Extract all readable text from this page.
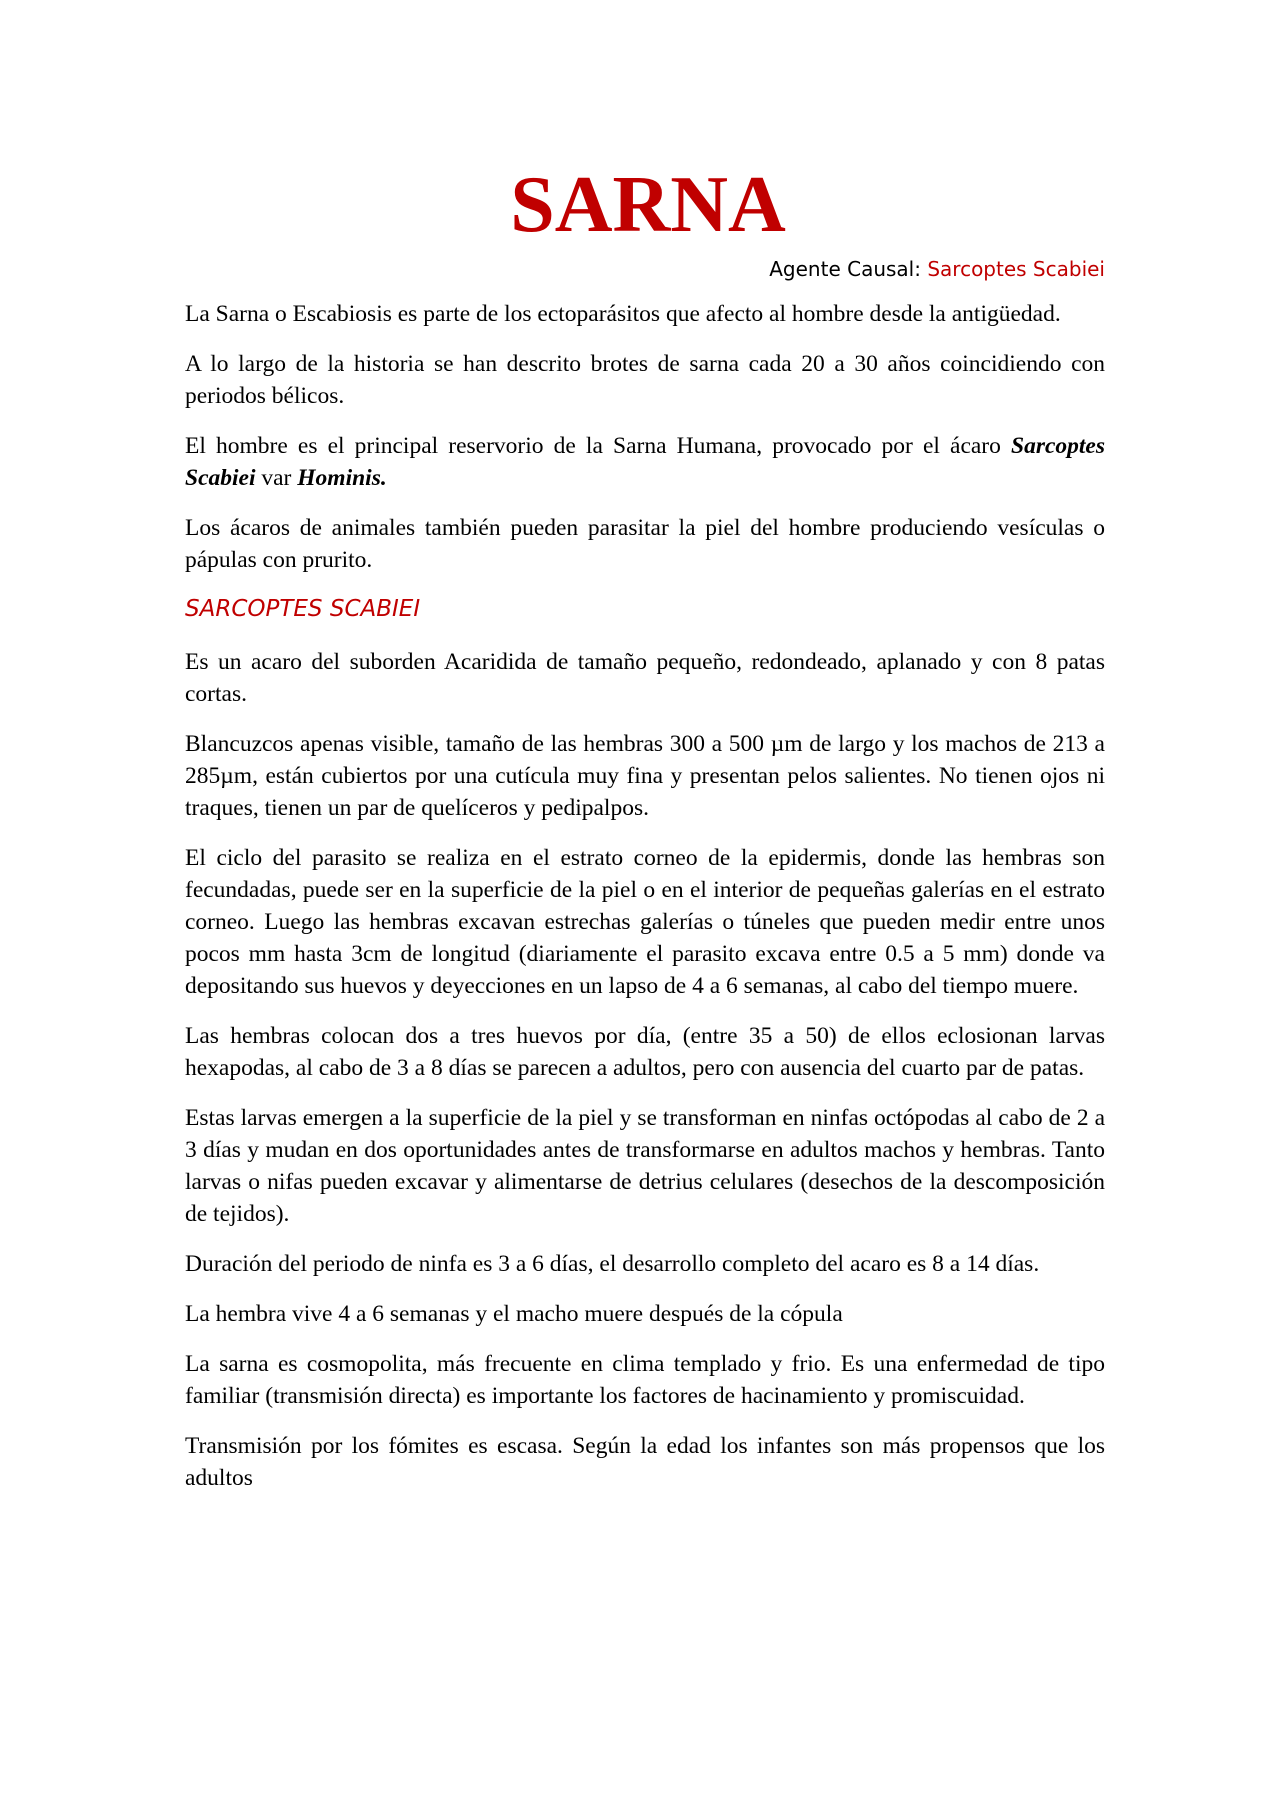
SARNA
Agente Causal: Sarcoptes Scabiei

La Sarna o Escabiosis es parte de los ectoparásitos que afecto al hombre desde la antigüedad.

A lo largo de la historia se han descrito brotes de sarna cada 20 a 30 años coincidiendo con periodos bélicos.

El hombre es el principal reservorio de la Sarna Humana, provocado por el ácaro Sarcoptes Scabiei var Hominis.

Los ácaros de animales también pueden parasitar la piel del hombre produciendo vesículas o pápulas con prurito.

SARCOPTES SCABIEI

Es un acaro del suborden Acaridida de tamaño pequeño, redondeado, aplanado y con 8 patas cortas.

Blancuzcos apenas visible, tamaño de las hembras 300 a 500 µm de largo y los machos de 213 a 285µm, están cubiertos por una cutícula muy fina y presentan pelos salientes. No tienen ojos ni traques, tienen un par de quelíceros y pedipalpos.

El ciclo del parasito se realiza en el estrato corneo de la epidermis, donde las hembras son fecundadas, puede ser en la superficie de la piel o en el interior de pequeñas galerías en el estrato corneo. Luego las hembras excavan estrechas galerías o túneles que pueden medir entre unos pocos mm hasta 3cm de longitud (diariamente el parasito excava entre 0.5 a 5 mm) donde va depositando sus huevos y deyecciones en un lapso de 4 a 6 semanas, al cabo del tiempo muere.

Las hembras colocan dos a tres huevos por día, (entre 35 a 50) de ellos eclosionan larvas hexapodas, al cabo de 3 a 8 días se parecen a adultos, pero con ausencia del cuarto par de patas.

Estas larvas emergen a la superficie de la piel y se transforman en ninfas octópodas al cabo de 2 a 3 días y mudan en dos oportunidades antes de transformarse en adultos machos y hembras. Tanto larvas o nifas pueden excavar y alimentarse de detrius celulares (desechos de la descomposición de tejidos).

Duración del periodo de ninfa es 3 a 6 días, el desarrollo completo del acaro es 8 a 14 días.

La hembra vive 4 a 6 semanas y el macho muere después de la cópula

La sarna es cosmopolita, más frecuente en clima templado y frio. Es una enfermedad de tipo familiar (transmisión directa) es importante los factores de hacinamiento y promiscuidad.

Transmisión por los fómites es escasa. Según la edad los infantes son más propensos que los adultos
